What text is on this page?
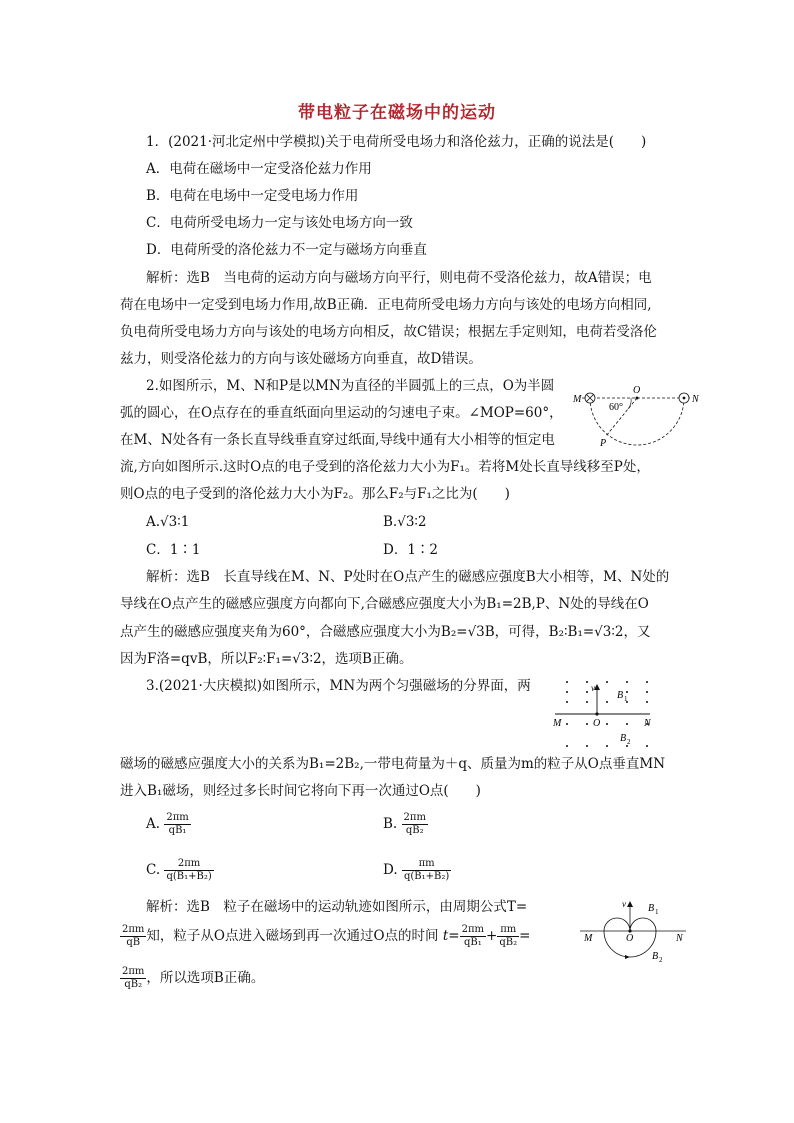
带电粒子在磁场中的运动
1．(2021·河北定州中学模拟)关于电荷所受电场力和洛伦兹力，正确的说法是(　　)
A．电荷在磁场中一定受洛伦兹力作用
B．电荷在电场中一定受电场力作用
C．电荷所受电场力一定与该处电场方向一致
D．电荷所受的洛伦兹力不一定与磁场方向垂直
解析：选B　当电荷的运动方向与磁场方向平行，则电荷不受洛伦兹力，故A错误；电
荷在电场中一定受到电场力作用,故B正确．正电荷所受电场力方向与该处的电场方向相同,
负电荷所受电场力方向与该处的电场方向相反，故C错误；根据左手定则知，电荷若受洛伦
兹力，则受洛伦兹力的方向与该处磁场方向垂直，故D错误。
2.如图所示，M、N和P是以MN为直径的半圆弧上的三点，O为半圆
弧的圆心，在O点存在的垂直纸面向里运动的匀速电子束。∠MOP=60°，
在M、N处各有一条长直导线垂直穿过纸面,导线中通有大小相等的恒定电
流,方向如图所示.这时O点的电子受到的洛伦兹力大小为F₁。若将M处长直导线移至P处，
则O点的电子受到的洛伦兹力大小为F₂。那么F₂与F₁之比为(　　)
M	N
O
P
60°
A.√3∶1	B.√3∶2
C．1∶1	D．1∶2
解析：选B　长直导线在M、N、P处时在O点产生的磁感应强度B大小相等，M、N处的
导线在O点产生的磁感应强度方向都向下,合磁感应强度大小为B₁=2B,P、N处的导线在O
点产生的磁感应强度夹角为60°，合磁感应强度大小为B₂=√3B，可得，B₂∶B₁=√3∶2，又
因为F洛=qvB，所以F₂∶F₁=√3∶2，选项B正确。
3.(2021·大庆模拟)如图所示，MN为两个匀强磁场的分界面，两	v
B 1
M	O	N
B 2
磁场的磁感应强度大小的关系为B₁=2B₂,一带电荷量为＋q、质量为m的粒子从O点垂直MN
进入B₁磁场，则经过多长时间它将向下再一次通过O点(　　)
A. $\frac{2\pi m}{\text{qB₁}}$	B. $\frac{2\pi m}{\text{qB₂}}$
C. $\frac{2\pi m}{\text{q(B₁+B₂)}}$	D. $\frac{\pi m}{\text{q(B₁+B₂)}}$
解析：选B　粒子在磁场中的运动轨迹如图所示，由周期公式T=
$\frac{2\pi m}{qB}$ 知，粒子从O点进入磁场到再一次通过O点的时间 $t= \frac{2\pi m}{\text{qB₁}} + \frac{\pi m}{\text{qB₂}}$ =
$\frac{2\pi m}{\text{qB₂}}$ ，所以选项B正确。
v B 1
M	O	N
B 2
